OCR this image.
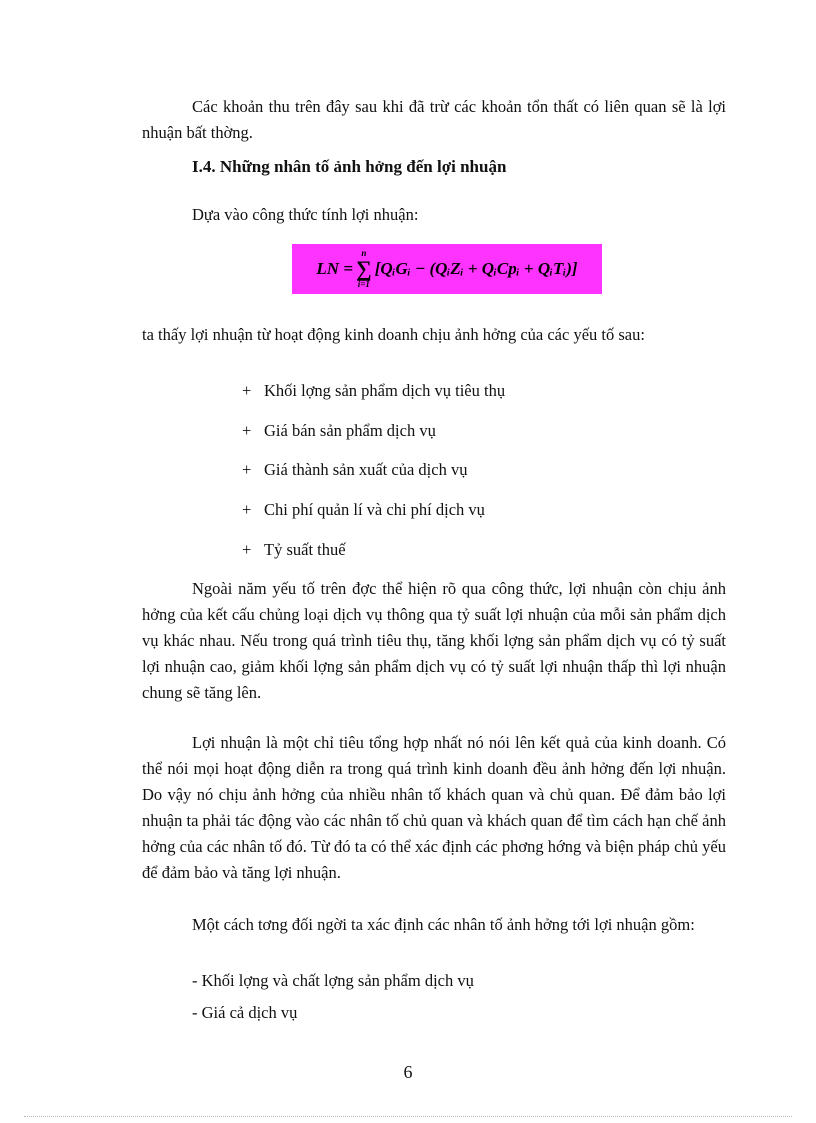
Các khoản thu trên đây sau khi đã trừ các khoản tổn thất có liên quan sẽ là lợi nhuận bất thờng.

I.4. Những nhân tố ảnh hởng đến lợi nhuận

Dựa vào công thức tính lợi nhuận:

LN =
n
∑
i=1
[QᵢGᵢ − (QᵢZᵢ + QᵢCpᵢ + QᵢTᵢ)]

ta thấy lợi nhuận từ hoạt động kinh doanh chịu ảnh hởng của các yếu tố sau:

+ Khối lợng sản phẩm dịch vụ tiêu thụ

+ Giá bán sản phẩm dịch vụ

+ Giá thành sản xuất của dịch vụ

+ Chi phí quản lí và chi phí dịch vụ

+ Tỷ suất thuế

Ngoài năm yếu tố trên đợc thể hiện rõ qua công thức, lợi nhuận còn chịu ảnh hởng của kết cấu chủng loại dịch vụ thông qua tỷ suất lợi nhuận của mỗi sản phẩm dịch vụ khác nhau. Nếu trong quá trình tiêu thụ, tăng khối lợng sản phẩm dịch vụ có tỷ suất lợi nhuận cao, giảm khối lợng sản phẩm dịch vụ có tỷ suất lợi nhuận thấp thì lợi nhuận chung sẽ tăng lên.

Lợi nhuận là một chỉ tiêu tổng hợp nhất nó nói lên kết quả của kinh doanh. Có thể nói mọi hoạt động diễn ra trong quá trình kinh doanh đều ảnh hởng đến lợi nhuận. Do vậy nó chịu ảnh hởng của nhiều nhân tố khách quan và chủ quan. Để đảm bảo lợi nhuận ta phải tác động vào các nhân tố chủ quan và khách quan để tìm cách hạn chế ảnh hởng của các nhân tố đó. Từ đó ta có thể xác định các phơng hớng và biện pháp chủ yếu để đảm bảo và tăng lợi nhuận.

Một cách tơng đối ngời ta xác định các nhân tố ảnh hởng tới lợi nhuận gồm:

- Khối lợng và chất lợng sản phẩm dịch vụ

- Giá cả dịch vụ

6
